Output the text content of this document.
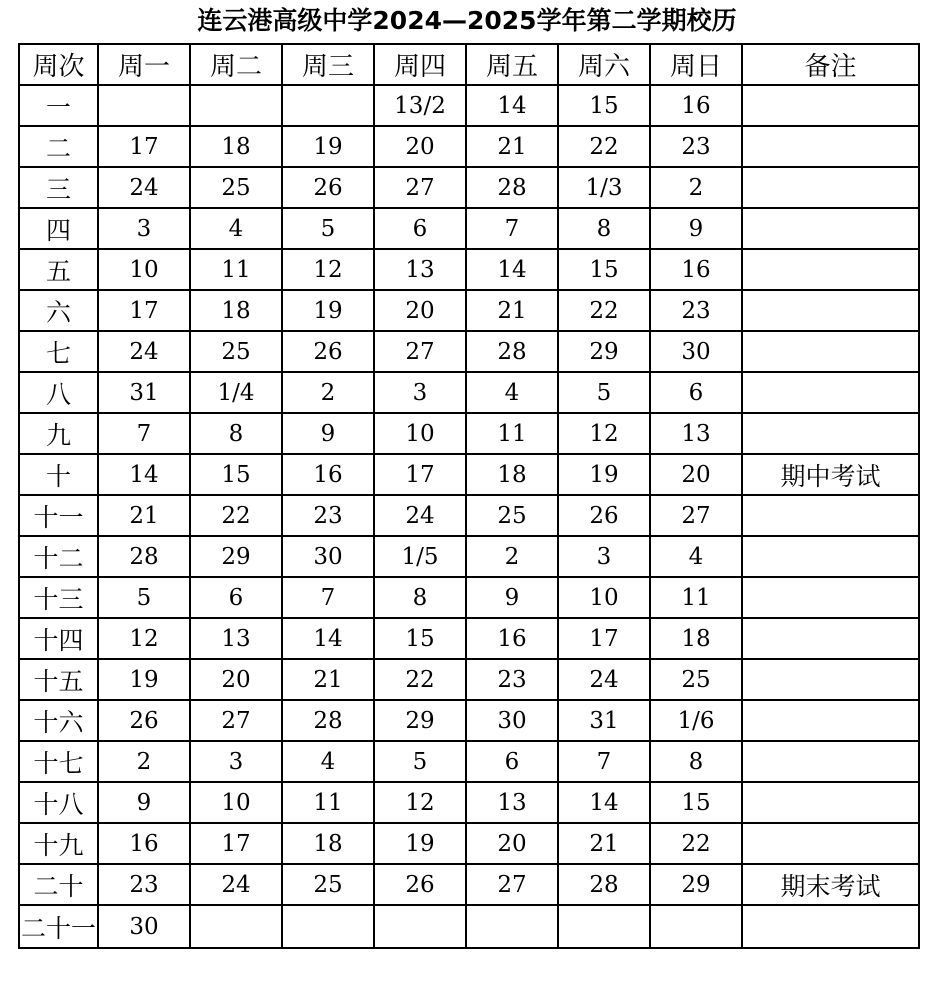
连云港高级中学2024—2025学年第二学期校历
周次	周一	周二	周三	周四	周五	周六	周日	备注
一				13/2	14	15	16	
二	17	18	19	20	21	22	23	
三	24	25	26	27	28	1/3	2	
四	3	4	5	6	7	8	9	
五	10	11	12	13	14	15	16	
六	17	18	19	20	21	22	23	
七	24	25	26	27	28	29	30	
八	31	1/4	2	3	4	5	6	
九	7	8	9	10	11	12	13	
十	14	15	16	17	18	19	20	期中考试
十一	21	22	23	24	25	26	27	
十二	28	29	30	1/5	2	3	4	
十三	5	6	7	8	9	10	11	
十四	12	13	14	15	16	17	18	
十五	19	20	21	22	23	24	25	
十六	26	27	28	29	30	31	1/6	
十七	2	3	4	5	6	7	8	
十八	9	10	11	12	13	14	15	
十九	16	17	18	19	20	21	22	
二十	23	24	25	26	27	28	29	期末考试
二十一	30							
